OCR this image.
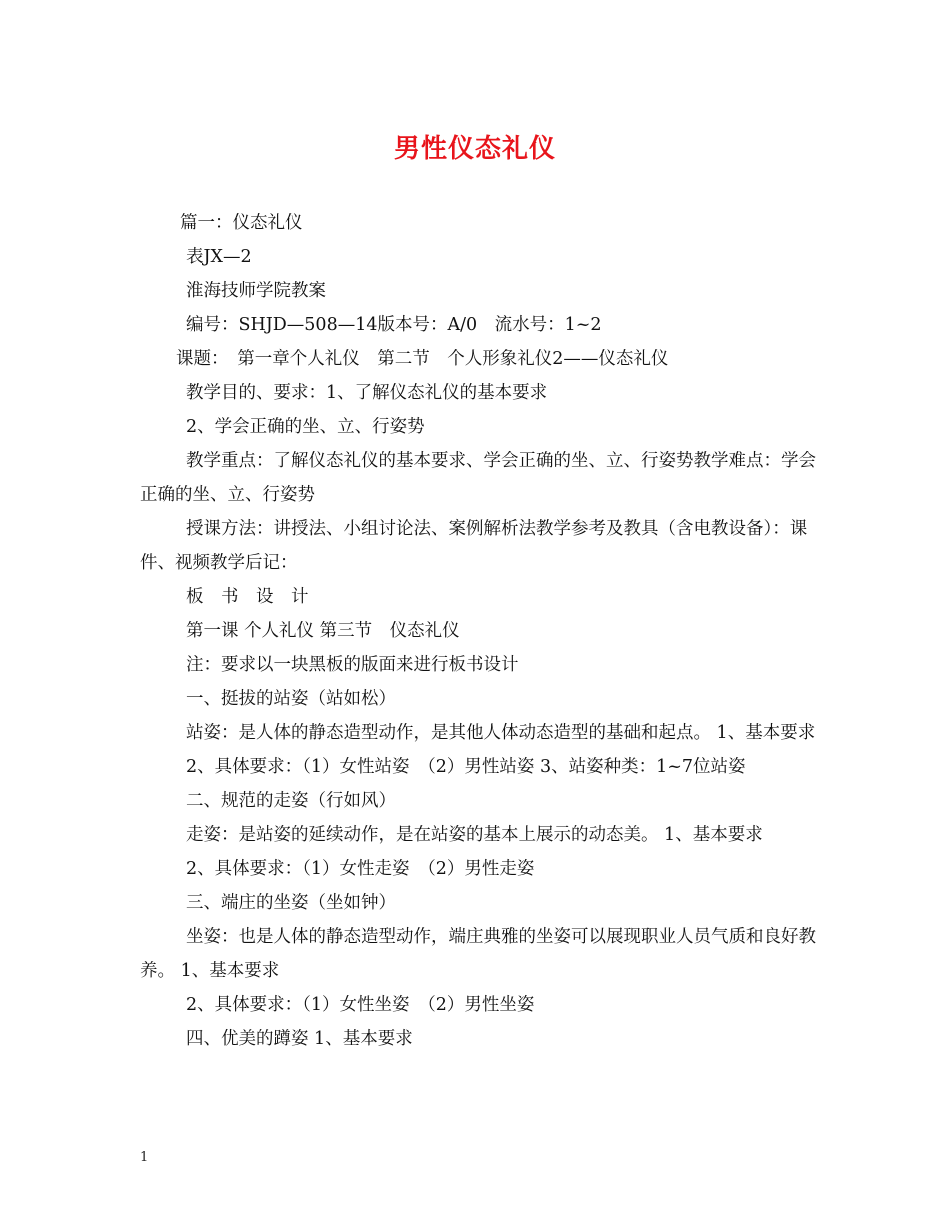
男性仪态礼仪

篇一：仪态礼仪

表JX—2

淮海技师学院教案

编号：SHJD—508—14版本号：A/0　流水号：1~2

课题：　第一章个人礼仪　第二节　个人形象礼仪2——仪态礼仪

教学目的、要求：1、了解仪态礼仪的基本要求

2、学会正确的坐、立、行姿势

教学重点：了解仪态礼仪的基本要求、学会正确的坐、立、行姿势教学难点：学会正确的坐、立、行姿势

授课方法：讲授法、小组讨论法、案例解析法教学参考及教具（含电教设备）：课件、视频教学后记：

板　书　设　计

第一课 个人礼仪 第三节　仪态礼仪

注：要求以一块黑板的版面来进行板书设计

一、挺拔的站姿（站如松）

站姿：是人体的静态造型动作，是其他人体动态造型的基础和起点。 1、基本要求

2、具体要求：（1）女性站姿　（2）男性站姿 3、站姿种类：1~7位站姿

二、规范的走姿（行如风）

走姿：是站姿的延续动作，是在站姿的基本上展示的动态美。 1、基本要求

2、具体要求：（1）女性走姿　（2）男性走姿

三、端庄的坐姿（坐如钟）

坐姿：也是人体的静态造型动作，端庄典雅的坐姿可以展现职业人员气质和良好教养。 1、基本要求

2、具体要求：（1）女性坐姿　（2）男性坐姿

四、优美的蹲姿 1、基本要求

1
